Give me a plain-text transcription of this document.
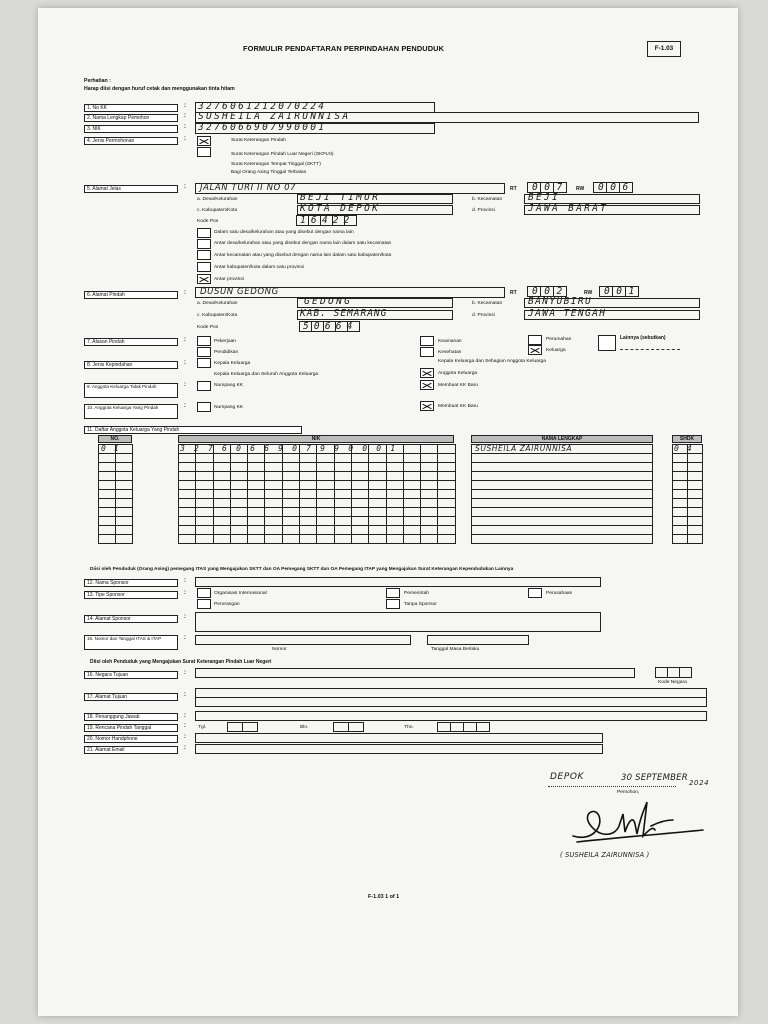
FORMULIR PENDAFTARAN PERPINDAHAN PENDUDUK	F-1.03
Perhatian :
Harap diisi dengan huruf cetak dan menggunakan tinta hitam
1. No KK	: 3276061212070224
2. Nama Lengkap Pemohon	: SUSHEILA ZAIRUNNISA
3. NIK	: 3276066907990001
4. Jenis Permohonan	:	Surat Keterangan Pindah
Surat Keterangan Pindah Luar Negeri (SKPLN)
Surat Keterangan Tempat Tinggal (SKTT)
Bagi Orang Asing Tinggal Terbatas
5. Alamat Jelas	: JALAN TURI II NO 07	RT 007 RW 006
a. Desa/Kelurahan	BEJI TIMUR	b. Kecamatan	BEJI
c. Kabupaten/Kota	KOTA DEPOK	d. Provinsi	JAWA BARAT
Kode Pos	16422
Dalam satu desa/kelurahan atau yang disebut dengan nama lain
Antar desa/kelurahan atau yang disebut dengan nama lain dalam satu kecamatan
Antar kecamatan atau yang disebut dengan nama lain dalam satu kabupaten/kota
Antar kabupaten/kota dalam satu provinsi
Antar provinsi
6. Alamat Pindah	: DUSUN GEDONG	RT 002	RW 001
a. Desa/Kelurahan	GEDONG	b. Kecamatan	BANYUBIRU
c. Kabupaten/Kota	KAB. SEMARANG	d. Provinsi	JAWA TENGAH
Kode Pos	50664
7. Alasan Pindah	:	Pekerjaan
Pendidikan
Keamanan
Kesehatan
Perumahan
Keluarga
Lainnya (sebutkan)
8. Jenis Kepindahan	:	Kepala Keluarga
Kepala Keluarga dan Seluruh Anggota Keluarga
Kepala Keluarga dan Sebagian Anggota Keluarga
Anggota Keluarga
9. Anggota Keluarga Tidak Pindah	:	Numpang KK	Membuat KK Baru
10. Anggota Keluarga Yang Pindah	:	Numpang KK	Membuat KK Baru
11. Daftar Anggota Keluarga Yang Pindah
NO.	NIK	NAMA LENGKAP	SHDK

01	3276066907990001	SUSHEILA ZAIRUNNISA	04
Diisi oleh Penduduk (Orang Asing) pemegang ITAS yang Mengajukan SKTT dan OA Pemegang SKTT dan OA Pemegang ITAP yang Mengajukan Surat Keterangan Kependudukan Lainnya
12. Nama Sponsor	:
13. Tipe Sponsor	:	Organisasi Internasional	Pemerintah	Perusahaan
Perorangan	Tanpa Sponsor
14. Alamat Sponsor	:
15. Nomor dan Tanggal ITAS & ITAP	:
Nomor	Tanggal Masa Berlaku
Diisi oleh Penduduk yang Mengajukan Surat Keterangan Pindah Luar Negeri
16. Negara Tujuan	:
Kode Negara
17. Alamat Tujuan	:
18. Penanggung Jawab	:
19. Rencana Pindah Tanggal	: Tgl.	Bln.	Thn.
20. Nomor Handphone	:
21. Alamat Email	:
DEPOK	30 SEPTEMBER 2024
Pemohon,
( SUSHEILA ZAIRUNNISA )
F-1.03 1 of 1
